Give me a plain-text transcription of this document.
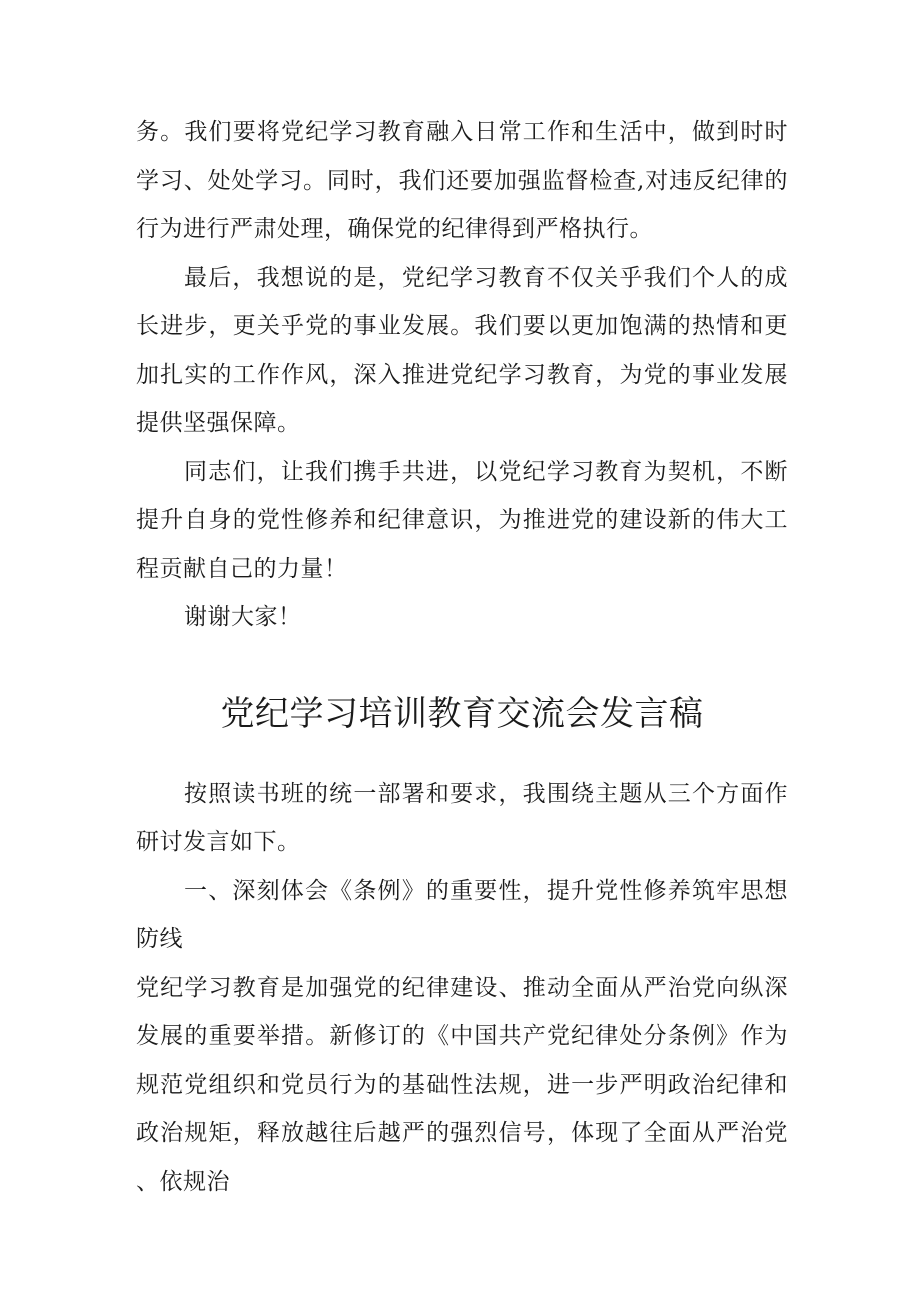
务。我们要将党纪学习教育融入日常工作和生活中，做到时时学习、处处学习。同时，我们还要加强监督检查,对违反纪律的行为进行严肃处理，确保党的纪律得到严格执行。

最后，我想说的是，党纪学习教育不仅关乎我们个人的成长进步，更关乎党的事业发展。我们要以更加饱满的热情和更加扎实的工作作风，深入推进党纪学习教育，为党的事业发展提供坚强保障。

同志们，让我们携手共进，以党纪学习教育为契机，不断提升自身的党性修养和纪律意识，为推进党的建设新的伟大工程贡献自己的力量！

谢谢大家！

党纪学习培训教育交流会发言稿

按照读书班的统一部署和要求，我围绕主题从三个方面作研讨发言如下。

一、深刻体会《条例》的重要性，提升党性修养筑牢思想防线

党纪学习教育是加强党的纪律建设、推动全面从严治党向纵深发展的重要举措。新修订的《中国共产党纪律处分条例》作为规范党组织和党员行为的基础性法规，进一步严明政治纪律和政治规矩，释放越往后越严的强烈信号，体现了全面从严治党、依规治
